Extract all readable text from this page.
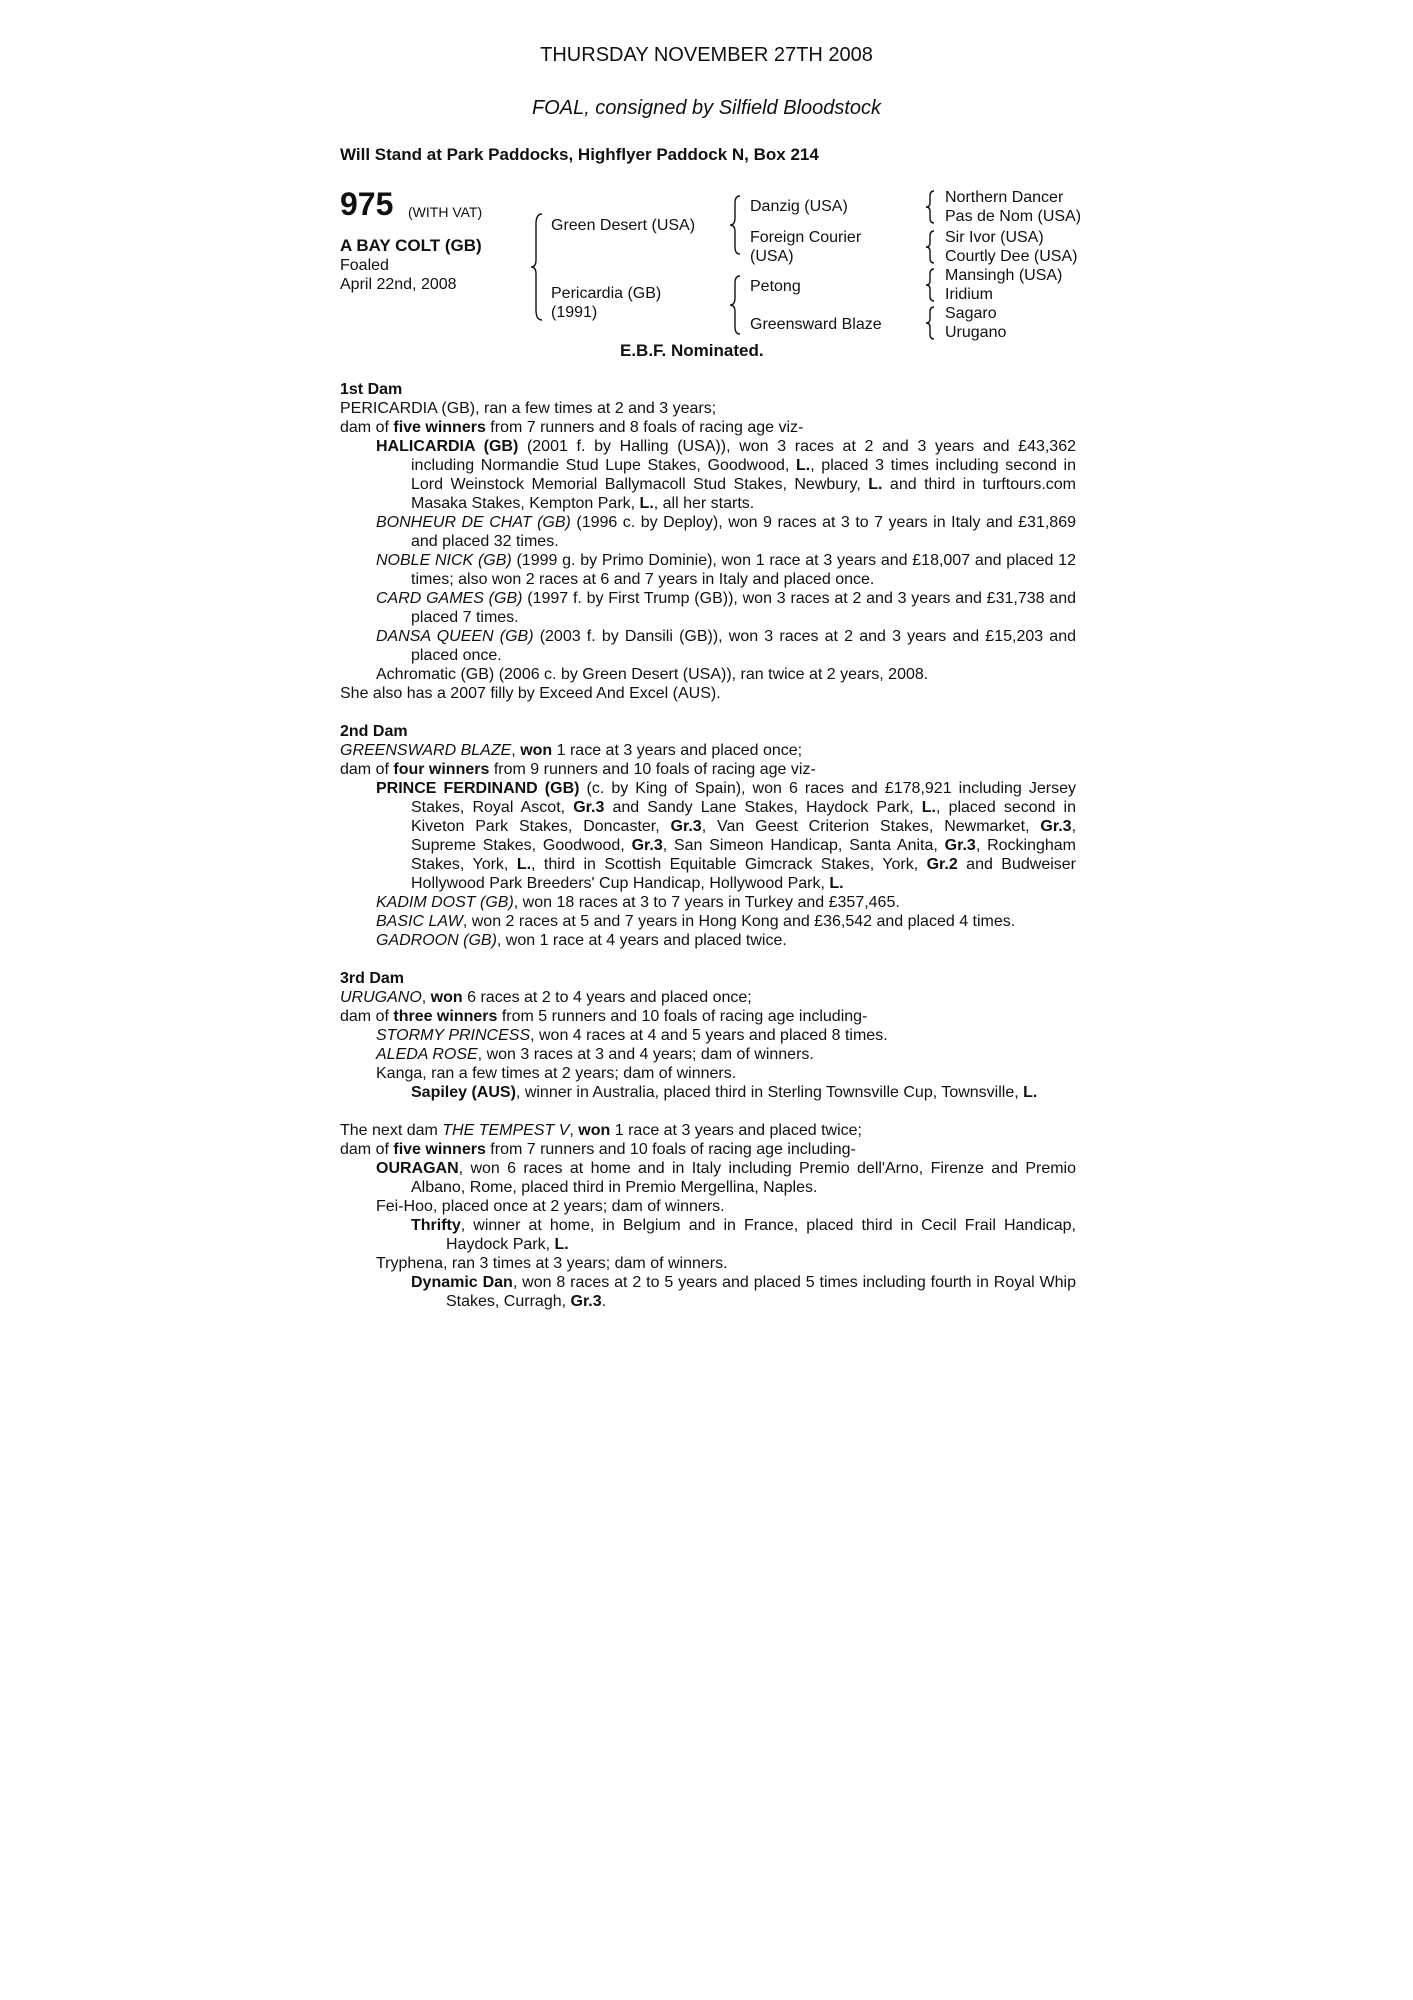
THURSDAY NOVEMBER 27TH 2008
FOAL, consigned by Silfield Bloodstock
Will Stand at Park Paddocks, Highflyer Paddock N, Box 214
975 (WITH VAT)
A BAY COLT (GB)
Foaled
April 22nd, 2008
Green Desert (USA)
Pericardia (GB)
(1991)
Danzig (USA)
Foreign Courier
(USA)
Petong
Greensward Blaze
Northern Dancer
Pas de Nom (USA)
Sir Ivor (USA)
Courtly Dee (USA)
Mansingh (USA)
Iridium
Sagaro
Urugano
E.B.F. Nominated.
1st Dam

PERICARDIA (GB), ran a few times at 2 and 3 years;

dam of five winners from 7 runners and 8 foals of racing age viz-

HALICARDIA (GB) (2001 f. by Halling (USA)), won 3 races at 2 and 3 years and £43,362 including Normandie Stud Lupe Stakes, Goodwood, L., placed 3 times including second in Lord Weinstock Memorial Ballymacoll Stud Stakes, Newbury, L. and third in turftours.com Masaka Stakes, Kempton Park, L., all her starts.

BONHEUR DE CHAT (GB) (1996 c. by Deploy), won 9 races at 3 to 7 years in Italy and £31,869 and placed 32 times.

NOBLE NICK (GB) (1999 g. by Primo Dominie), won 1 race at 3 years and £18,007 and placed 12 times; also won 2 races at 6 and 7 years in Italy and placed once.

CARD GAMES (GB) (1997 f. by First Trump (GB)), won 3 races at 2 and 3 years and £31,738 and placed 7 times.

DANSA QUEEN (GB) (2003 f. by Dansili (GB)), won 3 races at 2 and 3 years and £15,203 and placed once.

Achromatic (GB) (2006 c. by Green Desert (USA)), ran twice at 2 years, 2008.

She also has a 2007 filly by Exceed And Excel (AUS).

2nd Dam

GREENSWARD BLAZE, won 1 race at 3 years and placed once;

dam of four winners from 9 runners and 10 foals of racing age viz-

PRINCE FERDINAND (GB) (c. by King of Spain), won 6 races and £178,921 including Jersey Stakes, Royal Ascot, Gr.3 and Sandy Lane Stakes, Haydock Park, L., placed second in Kiveton Park Stakes, Doncaster, Gr.3, Van Geest Criterion Stakes, Newmarket, Gr.3, Supreme Stakes, Goodwood, Gr.3, San Simeon Handicap, Santa Anita, Gr.3, Rockingham Stakes, York, L., third in Scottish Equitable Gimcrack Stakes, York, Gr.2 and Budweiser Hollywood Park Breeders' Cup Handicap, Hollywood Park, L.

KADIM DOST (GB), won 18 races at 3 to 7 years in Turkey and £357,465.

BASIC LAW, won 2 races at 5 and 7 years in Hong Kong and £36,542 and placed 4 times.

GADROON (GB), won 1 race at 4 years and placed twice.

3rd Dam

URUGANO, won 6 races at 2 to 4 years and placed once;

dam of three winners from 5 runners and 10 foals of racing age including-

STORMY PRINCESS, won 4 races at 4 and 5 years and placed 8 times.

ALEDA ROSE, won 3 races at 3 and 4 years; dam of winners.

Kanga, ran a few times at 2 years; dam of winners.

Sapiley (AUS), winner in Australia, placed third in Sterling Townsville Cup, Townsville, L.

The next dam THE TEMPEST V, won 1 race at 3 years and placed twice;

dam of five winners from 7 runners and 10 foals of racing age including-

OURAGAN, won 6 races at home and in Italy including Premio dell'Arno, Firenze and Premio Albano, Rome, placed third in Premio Mergellina, Naples.

Fei-Hoo, placed once at 2 years; dam of winners.

Thrifty, winner at home, in Belgium and in France, placed third in Cecil Frail Handicap, Haydock Park, L.

Tryphena, ran 3 times at 3 years; dam of winners.

Dynamic Dan, won 8 races at 2 to 5 years and placed 5 times including fourth in Royal Whip Stakes, Curragh, Gr.3.
